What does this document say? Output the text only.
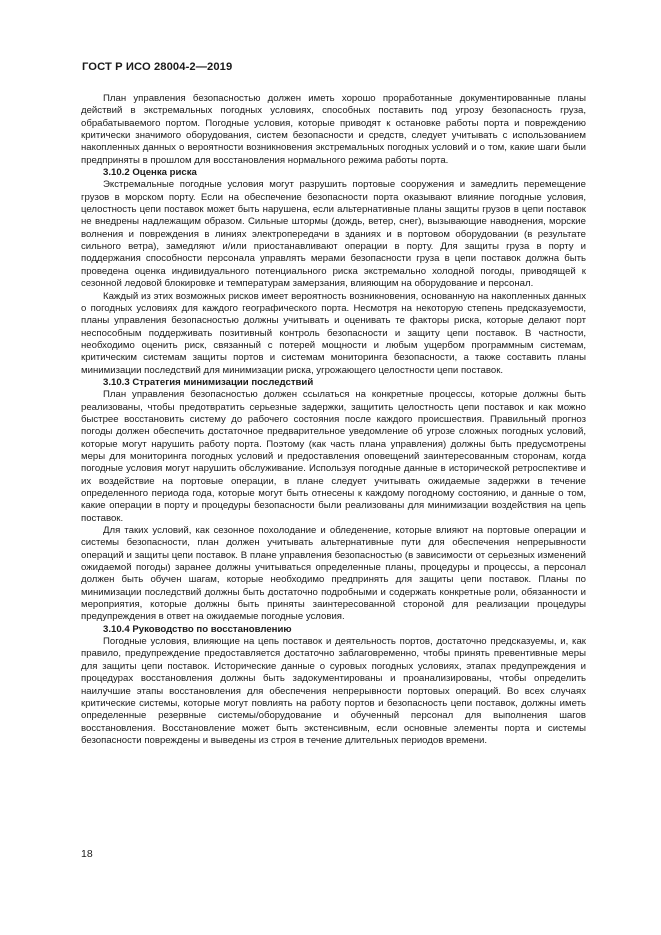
ГОСТ Р ИСО 28004-2—2019

План управления безопасностью должен иметь хорошо проработанные документированные планы действий в экстремальных погодных условиях, способных поставить под угрозу безопасность груза, обрабатываемого портом. Погодные условия, которые приводят к остановке работы порта и повреждению критически значимого оборудования, систем безопасности и средств, следует учитывать с использованием накопленных данных о вероятности возникновения экстремальных погодных условий и о том, какие шаги были предприняты в прошлом для восстановления нормального режима работы порта.

3.10.2 Оценка риска

Экстремальные погодные условия могут разрушить портовые сооружения и замедлить перемещение грузов в морском порту. Если на обеспечение безопасности порта оказывают влияние погодные условия, целостность цепи поставок может быть нарушена, если альтернативные планы защиты грузов в цепи поставок не внедрены надлежащим образом. Сильные штормы (дождь, ветер, снег), вызывающие наводнения, морские волнения и повреждения в линиях электропередачи в зданиях и в портовом оборудовании (в результате сильного ветра), замедляют и/или приостанавливают операции в порту. Для защиты груза в порту и поддержания способности персонала управлять мерами безопасности груза в цепи поставок должна быть проведена оценка индивидуального потенциального риска экстремально холодной погоды, приводящей к сезонной ледовой блокировке и температурам замерзания, влияющим на оборудование и персонал.

Каждый из этих возможных рисков имеет вероятность возникновения, основанную на накопленных данных о погодных условиях для каждого географического порта. Несмотря на некоторую степень предсказуемости, планы управления безопасностью должны учитывать и оценивать те факторы риска, которые делают порт неспособным поддерживать позитивный контроль безопасности и защиту цепи поставок. В частности, необходимо оценить риск, связанный с потерей мощности и любым ущербом программным системам, критическим системам защиты портов и системам мониторинга безопасности, а также составить планы минимизации последствий для минимизации риска, угрожающего целостности цепи поставок.

3.10.3 Стратегия минимизации последствий

План управления безопасностью должен ссылаться на конкретные процессы, которые должны быть реализованы, чтобы предотвратить серьезные задержки, защитить целостность цепи поставок и как можно быстрее восстановить систему до рабочего состояния после каждого происшествия. Правильный прогноз погоды должен обеспечить достаточное предварительное уведомление об угрозе сложных погодных условий, которые могут нарушить работу порта. Поэтому (как часть плана управления) должны быть предусмотрены меры для мониторинга погодных условий и предоставления оповещений заинтересованным сторонам, когда погодные условия могут нарушить обслуживание. Используя погодные данные в исторической ретроспективе и их воздействие на портовые операции, в плане следует учитывать ожидаемые задержки в течение определенного периода года, которые могут быть отнесены к каждому погодному состоянию, и данные о том, какие операции в порту и процедуры безопасности были реализованы для минимизации воздействия на цепь поставок.

Для таких условий, как сезонное похолодание и обледенение, которые влияют на портовые операции и системы безопасности, план должен учитывать альтернативные пути для обеспечения непрерывности операций и защиты цепи поставок. В плане управления безопасностью (в зависимости от серьезных изменений ожидаемой погоды) заранее должны учитываться определенные планы, процедуры и процессы, а персонал должен быть обучен шагам, которые необходимо предпринять для защиты цепи поставок. Планы по минимизации последствий должны быть достаточно подробными и содержать конкретные роли, обязанности и мероприятия, которые должны быть приняты заинтересованной стороной для реализации процедуры предупреждения в ответ на ожидаемые погодные условия.

3.10.4 Руководство по восстановлению

Погодные условия, влияющие на цепь поставок и деятельность портов, достаточно предсказуемы, и, как правило, предупреждение предоставляется достаточно заблаговременно, чтобы принять превентивные меры для защиты цепи поставок. Исторические данные о суровых погодных условиях, этапах предупреждения и процедурах восстановления должны быть задокументированы и проанализированы, чтобы определить наилучшие этапы восстановления для обеспечения непрерывности портовых операций. Во всех случаях критические системы, которые могут повлиять на работу портов и безопасность цепи поставок, должны иметь определенные резервные системы/оборудование и обученный персонал для выполнения шагов восстановления. Восстановление может быть экстенсивным, если основные элементы порта и системы безопасности повреждены и выведены из строя в течение длительных периодов времени.

18
